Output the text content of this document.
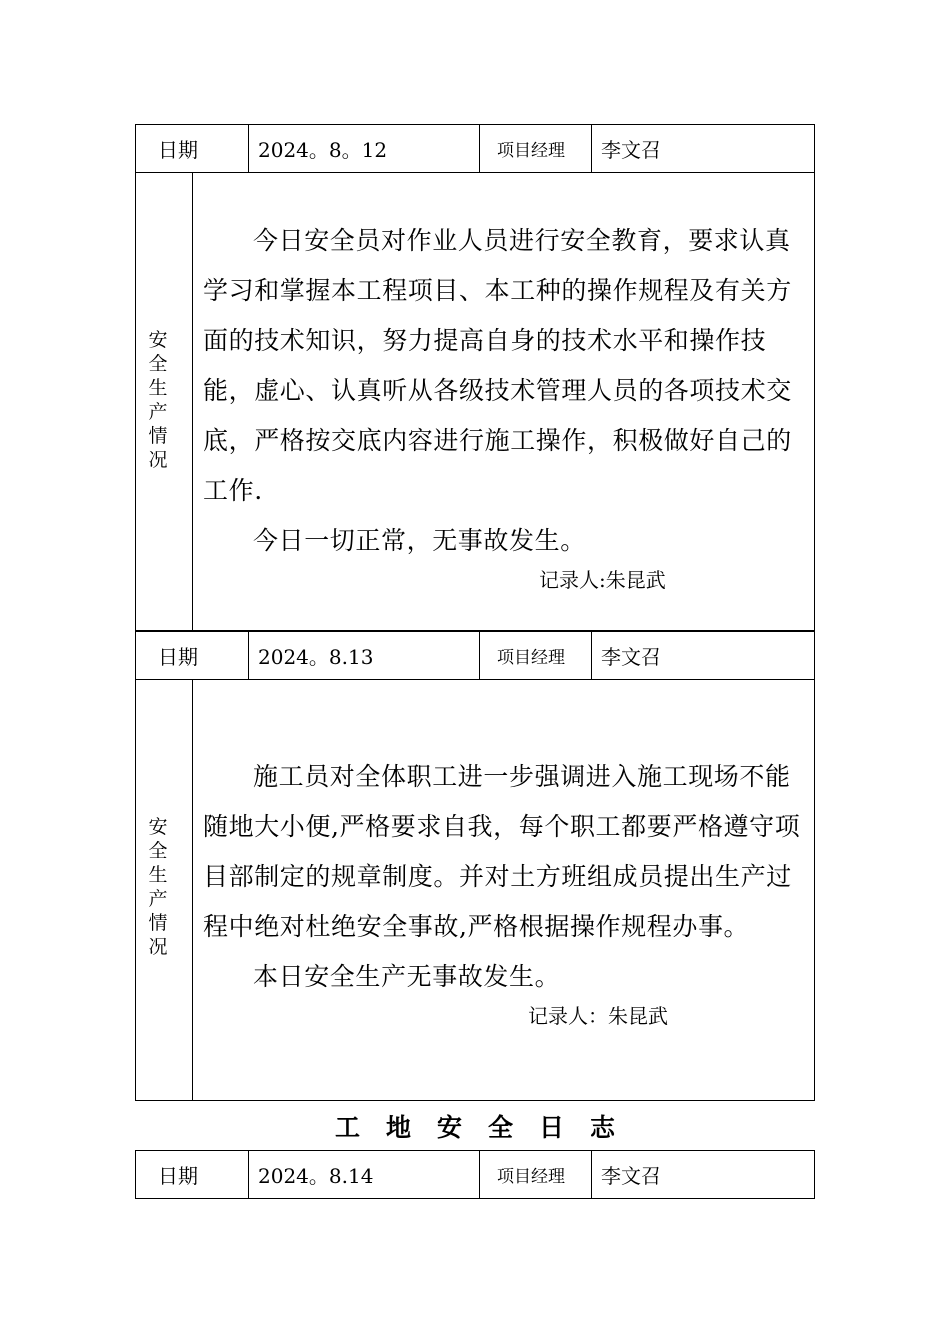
日期	2024。8。12	项目经理	李文召
安全生产情况

今日安全员对作业人员进行安全教育，要求认真学习和掌握本工程项目、本工种的操作规程及有关方面的技术知识，努力提高自身的技术水平和操作技能，虚心、认真听从各级技术管理人员的各项技术交底，严格按交底内容进行施工操作，积极做好自己的工作.

今日一切正常，无事故发生。

记录人:朱昆武
日期	2024。8.13	项目经理	李文召
安全生产情况

施工员对全体职工进一步强调进入施工现场不能随地大小便,严格要求自我，每个职工都要严格遵守项目部制定的规章制度。并对土方班组成员提出生产过程中绝对杜绝安全事故,严格根据操作规程办事。

本日安全生产无事故发生。

记录人：朱昆武
工地安全日志
日期	2024。8.14	项目经理	李文召
